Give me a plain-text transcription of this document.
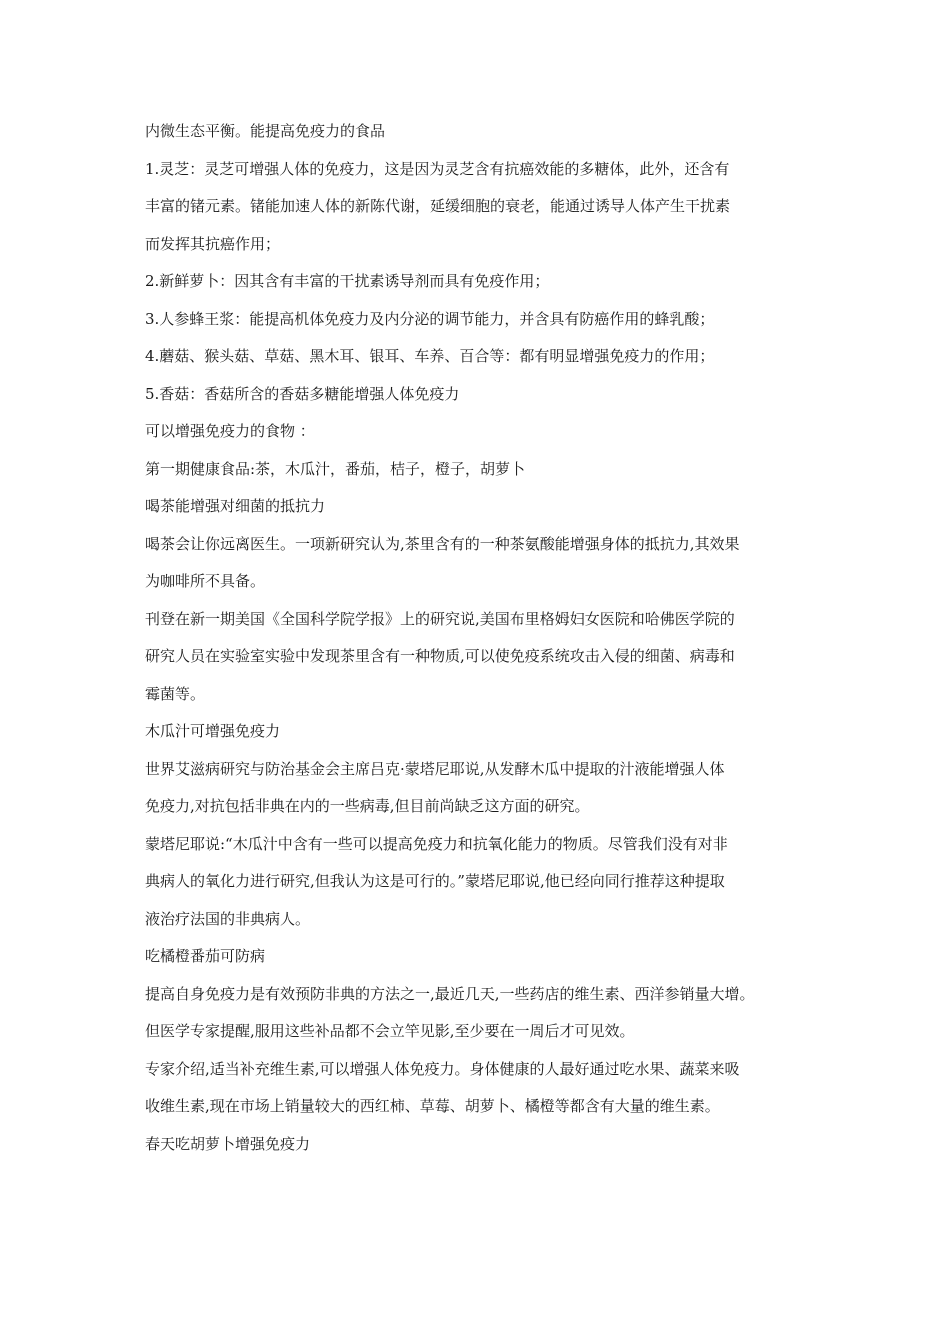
内微生态平衡。能提高免疫力的食品
1.灵芝：灵芝可增强人体的免疫力，这是因为灵芝含有抗癌效能的多糖体，此外，还含有
丰富的锗元素。锗能加速人体的新陈代谢，延缓细胞的衰老，能通过诱导人体产生干扰素
而发挥其抗癌作用；
2.新鲜萝卜：因其含有丰富的干扰素诱导剂而具有免疫作用；
3.人参蜂王浆：能提高机体免疫力及内分泌的调节能力，并含具有防癌作用的蜂乳酸；
4.蘑菇、猴头菇、草菇、黑木耳、银耳、车养、百合等：都有明显增强免疫力的作用；
5.香菇：香菇所含的香菇多糖能增强人体免疫力
可以增强免疫力的食物 ：
第一期健康食品:茶，木瓜汁，番茄，桔子，橙子，胡萝卜
喝茶能增强对细菌的抵抗力
喝茶会让你远离医生。一项新研究认为,茶里含有的一种茶氨酸能增强身体的抵抗力,其效果
为咖啡所不具备。
刊登在新一期美国《全国科学院学报》上的研究说,美国布里格姆妇女医院和哈佛医学院的
研究人员在实验室实验中发现茶里含有一种物质,可以使免疫系统攻击入侵的细菌、病毒和
霉菌等。
木瓜汁可增强免疫力
世界艾滋病研究与防治基金会主席吕克·蒙塔尼耶说,从发酵木瓜中提取的汁液能增强人体
免疫力,对抗包括非典在内的一些病毒,但目前尚缺乏这方面的研究。
蒙塔尼耶说:“木瓜汁中含有一些可以提高免疫力和抗氧化能力的物质。尽管我们没有对非
典病人的氧化力进行研究,但我认为这是可行的。”蒙塔尼耶说,他已经向同行推荐这种提取
液治疗法国的非典病人。
吃橘橙番茄可防病
提高自身免疫力是有效预防非典的方法之一,最近几天,一些药店的维生素、西洋参销量大增。
但医学专家提醒,服用这些补品都不会立竿见影,至少要在一周后才可见效。
专家介绍,适当补充维生素,可以增强人体免疫力。身体健康的人最好通过吃水果、蔬菜来吸
收维生素,现在市场上销量较大的西红柿、草莓、胡萝卜、橘橙等都含有大量的维生素。
春天吃胡萝卜增强免疫力
